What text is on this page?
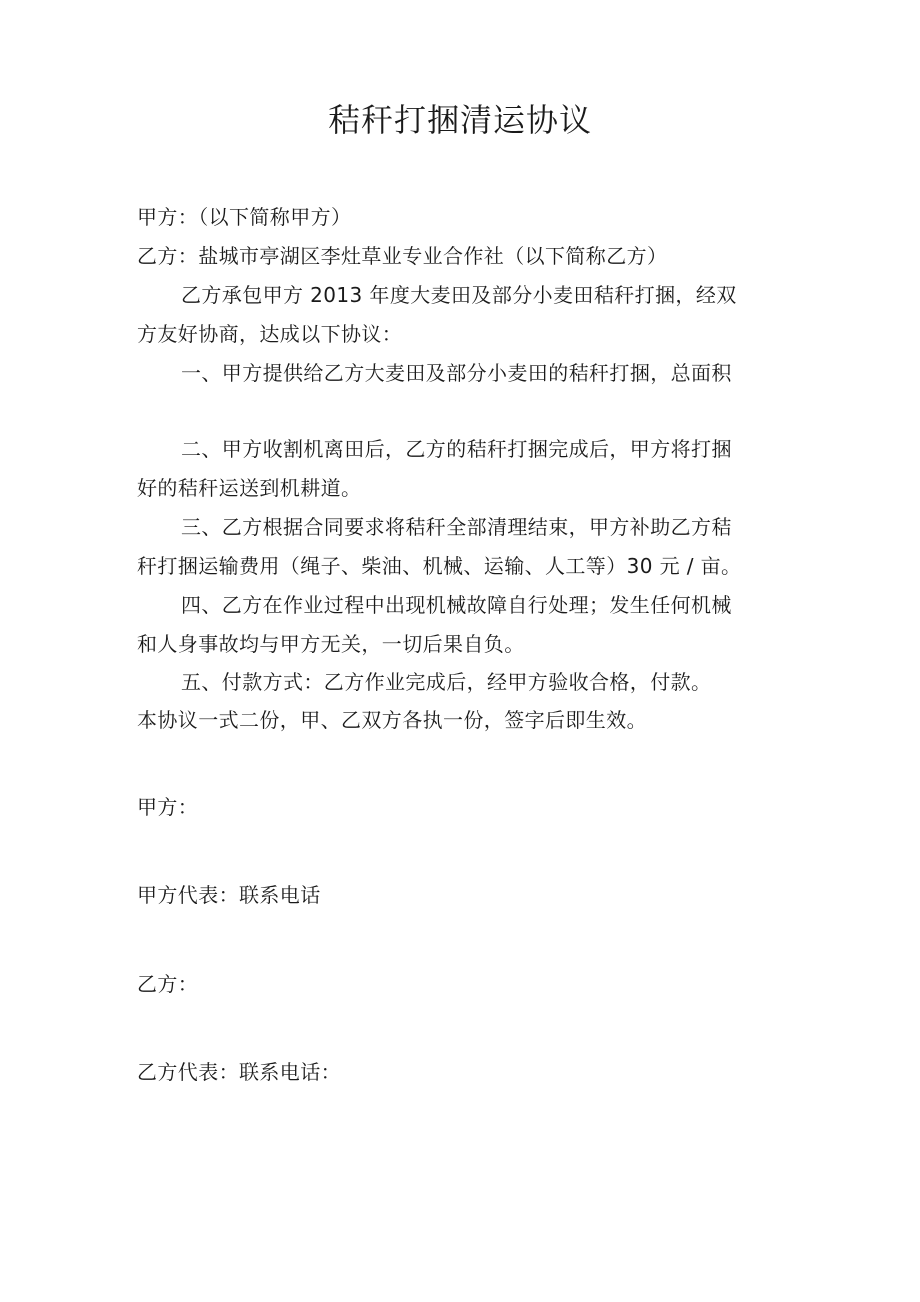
秸秆打捆清运协议
甲方：（以下简称甲方）
乙方：盐城市亭湖区李灶草业专业合作社（以下简称乙方）
乙方承包甲方 2013 年度大麦田及部分小麦田秸秆打捆，经双
方友好协商，达成以下协议：
一、甲方提供给乙方大麦田及部分小麦田的秸秆打捆，总面积
二、甲方收割机离田后，乙方的秸秆打捆完成后，甲方将打捆
好的秸秆运送到机耕道。
三、乙方根据合同要求将秸秆全部清理结束，甲方补助乙方秸
秆打捆运输费用（绳子、柴油、机械、运输、人工等）30 元 / 亩。
四、乙方在作业过程中出现机械故障自行处理；发生任何机械
和人身事故均与甲方无关，一切后果自负。
五、付款方式：乙方作业完成后，经甲方验收合格，付款。
本协议一式二份，甲、乙双方各执一份，签字后即生效。
甲方：
甲方代表：联系电话
乙方：
乙方代表：联系电话：
